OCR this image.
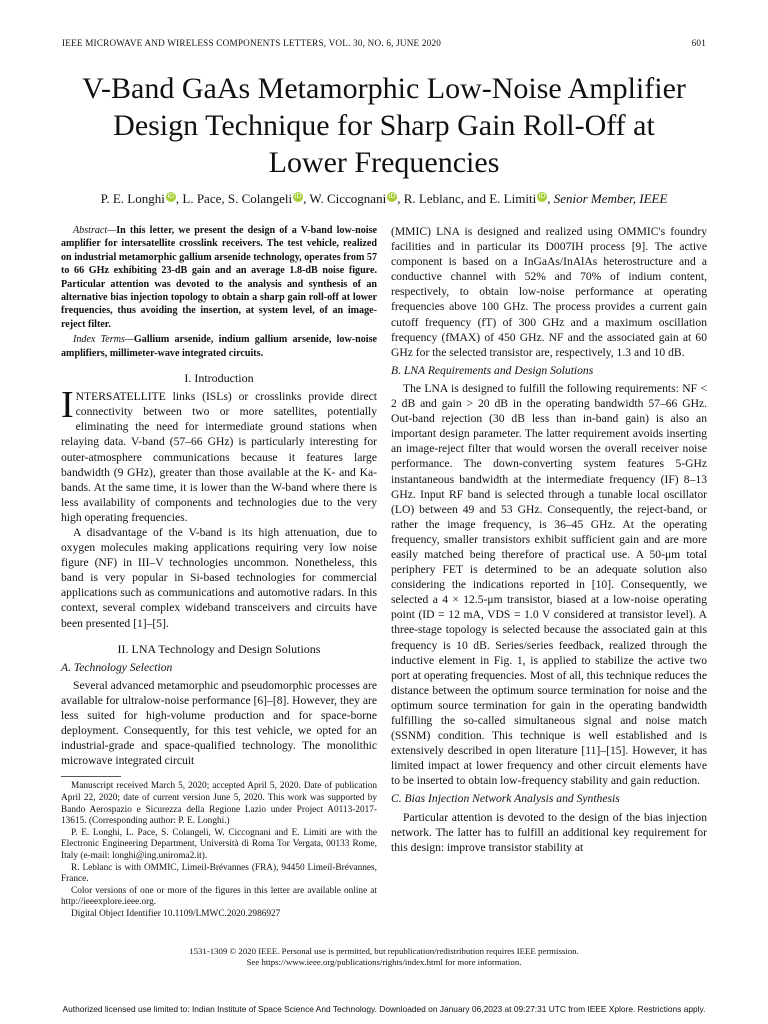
IEEE MICROWAVE AND WIRELESS COMPONENTS LETTERS, VOL. 30, NO. 6, JUNE 2020	601
V-Band GaAs Metamorphic Low-Noise Amplifier
Design Technique for Sharp Gain Roll-Off at
Lower Frequencies
P. E. Longhi iD , L. Pace, S. Colangeli iD , W. Ciccognani iD , R. Leblanc, and E. Limiti iD , Senior Member, IEEE

Abstract—In this letter, we present the design of a V-band low-noise amplifier for intersatellite crosslink receivers. The test vehicle, realized on industrial metamorphic gallium arsenide technology, operates from 57 to 66 GHz exhibiting 23-dB gain and an average 1.8-dB noise figure. Particular attention was devoted to the analysis and synthesis of an alternative bias injection topology to obtain a sharp gain roll-off at lower frequencies, thus avoiding the insertion, at system level, of an image-reject filter.

Index Terms—Gallium arsenide, indium gallium arsenide, low-noise amplifiers, millimeter-wave integrated circuits.

I. Introduction

INTERSATELLITE links (ISLs) or crosslinks provide direct connectivity between two or more satellites, potentially eliminating the need for intermediate ground stations when relaying data. V-band (57–66 GHz) is particularly interesting for outer-atmosphere communications because it features large bandwidth (9 GHz), greater than those available at the K- and Ka-bands. At the same time, it is lower than the W-band where there is less availability of components and technologies due to the very high operating frequencies.

A disadvantage of the V-band is its high attenuation, due to oxygen molecules making applications requiring very low noise figure (NF) in III–V technologies uncommon. Nonetheless, this band is very popular in Si-based technologies for commercial applications such as communications and automotive radars. In this context, several complex wideband transceivers and circuits have been presented [1]–[5].

II. LNA Technology and Design Solutions
A. Technology Selection

Several advanced metamorphic and pseudomorphic processes are available for ultralow-noise performance [6]–[8]. However, they are less suited for high-volume production and for space-borne deployment. Consequently, for this test vehicle, we opted for an industrial-grade and space-qualified technology. The monolithic microwave integrated circuit

Manuscript received March 5, 2020; accepted April 5, 2020. Date of publication April 22, 2020; date of current version June 5, 2020. This work was supported by Bando Aerospazio e Sicurezza della Regione Lazio under Project A0113-2017-13615. (Corresponding author: P. E. Longhi.)

P. E. Longhi, L. Pace, S. Colangeli, W. Ciccognani and E. Limiti are with the Electronic Engineering Department, Università di Roma Tor Vergata, 00133 Rome, Italy (e-mail: longhi@ing.uniroma2.it).

R. Leblanc is with OMMIC, Limeil-Brévannes (FRA), 94450 Limeil-Brévannes, France.

Color versions of one or more of the figures in this letter are available online at http://ieeexplore.ieee.org.

Digital Object Identifier 10.1109/LMWC.2020.2986927

(MMIC) LNA is designed and realized using OMMIC's foundry facilities and in particular its D007IH process [9]. The active component is based on a InGaAs/InAlAs heterostructure and a conductive channel with 52% and 70% of indium content, respectively, to obtain low-noise performance at operating frequencies above 100 GHz. The process provides a current gain cutoff frequency (fT) of 300 GHz and a maximum oscillation frequency (fMAX) of 450 GHz. NF and the associated gain at 60 GHz for the selected transistor are, respectively, 1.3 and 10 dB.

B. LNA Requirements and Design Solutions

The LNA is designed to fulfill the following requirements: NF < 2 dB and gain > 20 dB in the operating bandwidth 57–66 GHz. Out-band rejection (30 dB less than in-band gain) is also an important design parameter. The latter requirement avoids inserting an image-reject filter that would worsen the overall receiver noise performance. The down-converting system features 5-GHz instantaneous bandwidth at the intermediate frequency (IF) 8–13 GHz. Input RF band is selected through a tunable local oscillator (LO) between 49 and 53 GHz. Consequently, the reject-band, or rather the image frequency, is 36–45 GHz. At the operating frequency, smaller transistors exhibit sufficient gain and are more easily matched being therefore of practical use. A 50-μm total periphery FET is determined to be an adequate solution also considering the indications reported in [10]. Consequently, we selected a 4 × 12.5-μm transistor, biased at a low-noise operating point (ID = 12 mA, VDS = 1.0 V considered at transistor level). A three-stage topology is selected because the associated gain at this frequency is 10 dB. Series/series feedback, realized through the inductive element in Fig. 1, is applied to stabilize the active two port at operating frequencies. Most of all, this technique reduces the distance between the optimum source termination for noise and the optimum source termination for gain in the operating bandwidth fulfilling the so-called simultaneous signal and noise match (SSNM) condition. This technique is well established and is extensively described in open literature [11]–[15]. However, it has limited impact at lower frequency and other circuit elements have to be inserted to obtain low-frequency stability and gain reduction.

C. Bias Injection Network Analysis and Synthesis

Particular attention is devoted to the design of the bias injection network. The latter has to fulfill an additional key requirement for this design: improve transistor stability at

1531-1309 © 2020 IEEE. Personal use is permitted, but republication/redistribution requires IEEE permission.
See https://www.ieee.org/publications/rights/index.html for more information.
Authorized licensed use limited to: Indian Institute of Space Science And Technology. Downloaded on January 06,2023 at 09:27:31 UTC from IEEE Xplore. Restrictions apply.
